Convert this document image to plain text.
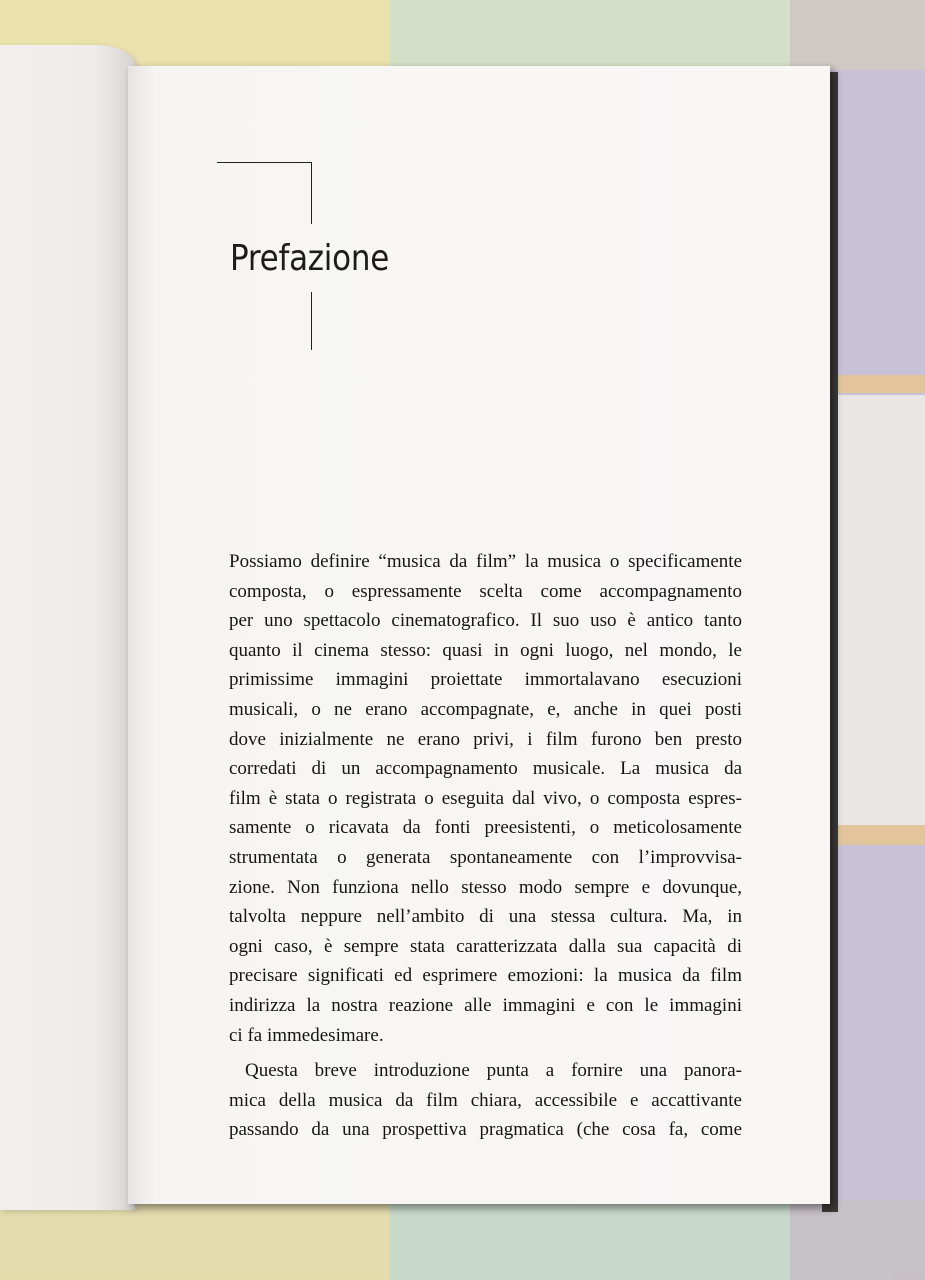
Prefazione
Possiamo definire “musica da film” la musica o specificamente
composta, o espressamente scelta come accompagnamento
per uno spettacolo cinematografico. Il suo uso è antico tanto
quanto il cinema stesso: quasi in ogni luogo, nel mondo, le
primissime immagini proiettate immortalavano esecuzioni
musicali, o ne erano accompagnate, e, anche in quei posti
dove inizialmente ne erano privi, i film furono ben presto
corredati di un accompagnamento musicale. La musica da
film è stata o registrata o eseguita dal vivo, o composta espres-
samente o ricavata da fonti preesistenti, o meticolosamente
strumentata o generata spontaneamente con l’improvvisa-
zione. Non funziona nello stesso modo sempre e dovunque,
talvolta neppure nell’ambito di una stessa cultura. Ma, in
ogni caso, è sempre stata caratterizzata dalla sua capacità di
precisare significati ed esprimere emozioni: la musica da film
indirizza la nostra reazione alle immagini e con le immagini
ci fa immedesimare.
Questa breve introduzione punta a fornire una panora-
mica della musica da film chiara, accessibile e accattivante
passando da una prospettiva pragmatica (che cosa fa, come
